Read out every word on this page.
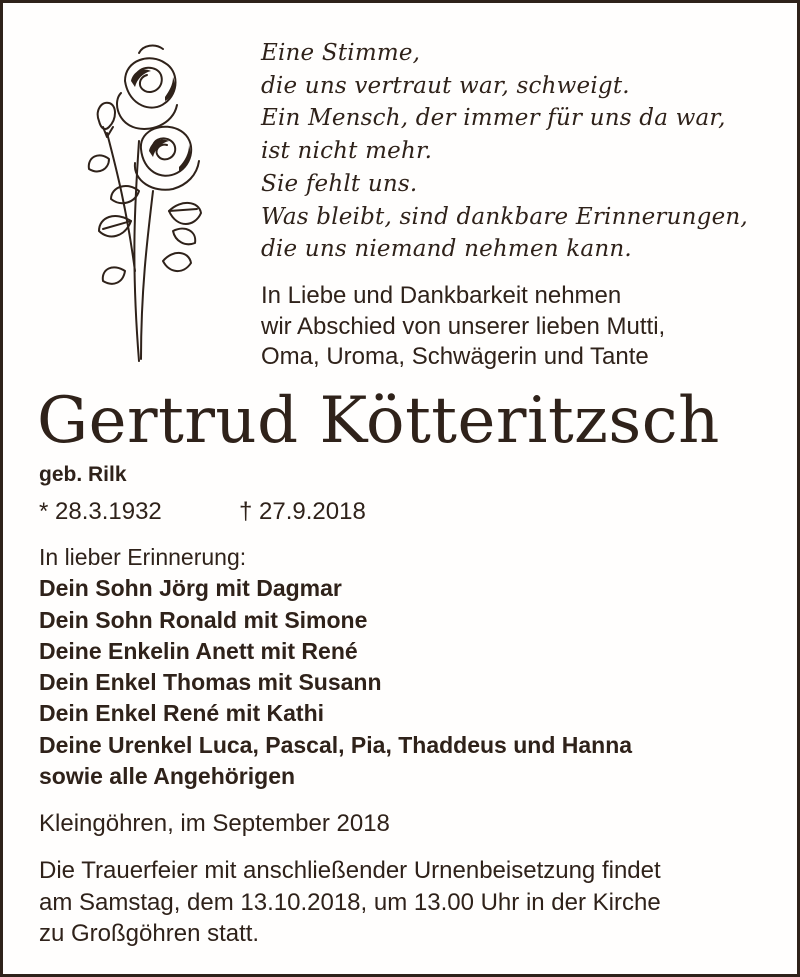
Eine Stimme,
die uns vertraut war, schweigt.
Ein Mensch, der immer für uns da war,
ist nicht mehr.
Sie fehlt uns.
Was bleibt, sind dankbare Erinnerungen,
die uns niemand nehmen kann.
In Liebe und Dankbarkeit nehmen
wir Abschied von unserer lieben Mutti,
Oma, Uroma, Schwägerin und Tante
Gertrud Kötteritzsch
geb. Rilk
* 28.3.1932	† 27.9.2018
In lieber Erinnerung:
Dein Sohn Jörg mit Dagmar
Dein Sohn Ronald mit Simone
Deine Enkelin Anett mit René
Dein Enkel Thomas mit Susann
Dein Enkel René mit Kathi
Deine Urenkel Luca, Pascal, Pia, Thaddeus und Hanna
sowie alle Angehörigen
Kleingöhren, im September 2018
Die Trauerfeier mit anschließender Urnenbeisetzung findet
am Samstag, dem 13.10.2018, um 13.00 Uhr in der Kirche
zu Großgöhren statt.
